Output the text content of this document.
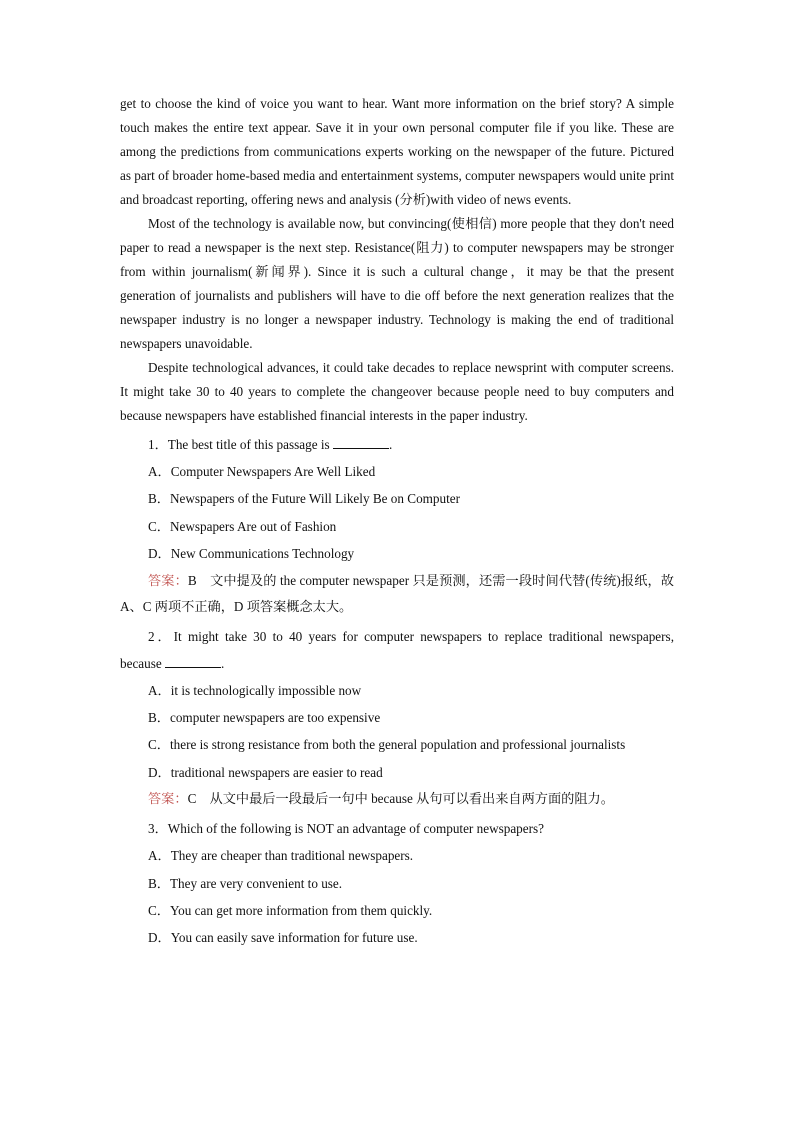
get to choose the kind of voice you want to hear. Want more information on the brief story? A simple touch makes the entire text appear. Save it in your own personal computer file if you like. These are among the predictions from communications experts working on the newspaper of the future. Pictured as part of broader home-based media and entertainment systems, computer newspapers would unite print and broadcast reporting, offering news and analysis (分析)with video of news events.

Most of the technology is available now, but convincing(使相信) more people that they don't need paper to read a newspaper is the next step. Resistance(阻力) to computer newspapers may be stronger from within journalism(新闻界). Since it is such a cultural change，it may be that the present generation of journalists and publishers will have to die off before the next generation realizes that the newspaper industry is no longer a newspaper industry. Technology is making the end of traditional newspapers unavoidable.

Despite technological advances, it could take decades to replace newsprint with computer screens. It might take 30 to 40 years to complete the changeover because people need to buy computers and because newspapers have established financial interests in the paper industry.

1．The best title of this passage is	.

A．Computer Newspapers Are Well Liked

B．Newspapers of the Future Will Likely Be on Computer

C．Newspapers Are out of Fashion

D．New Communications Technology

答案：B　文中提及的 the computer newspaper 只是预测，还需一段时间代替(传统)报纸，故 A、C 两项不正确，D 项答案概念太大。

2．It might take 30 to 40 years for computer newspapers to replace traditional newspapers, because	.

A．it is technologically impossible now

B．computer newspapers are too expensive

C．there is strong resistance from both the general population and professional journalists

D．traditional newspapers are easier to read

答案：C　从文中最后一段最后一句中 because 从句可以看出来自两方面的阻力。

3．Which of the following is NOT an advantage of computer newspapers?

A．They are cheaper than traditional newspapers.

B．They are very convenient to use.

C．You can get more information from them quickly.

D．You can easily save information for future use.
